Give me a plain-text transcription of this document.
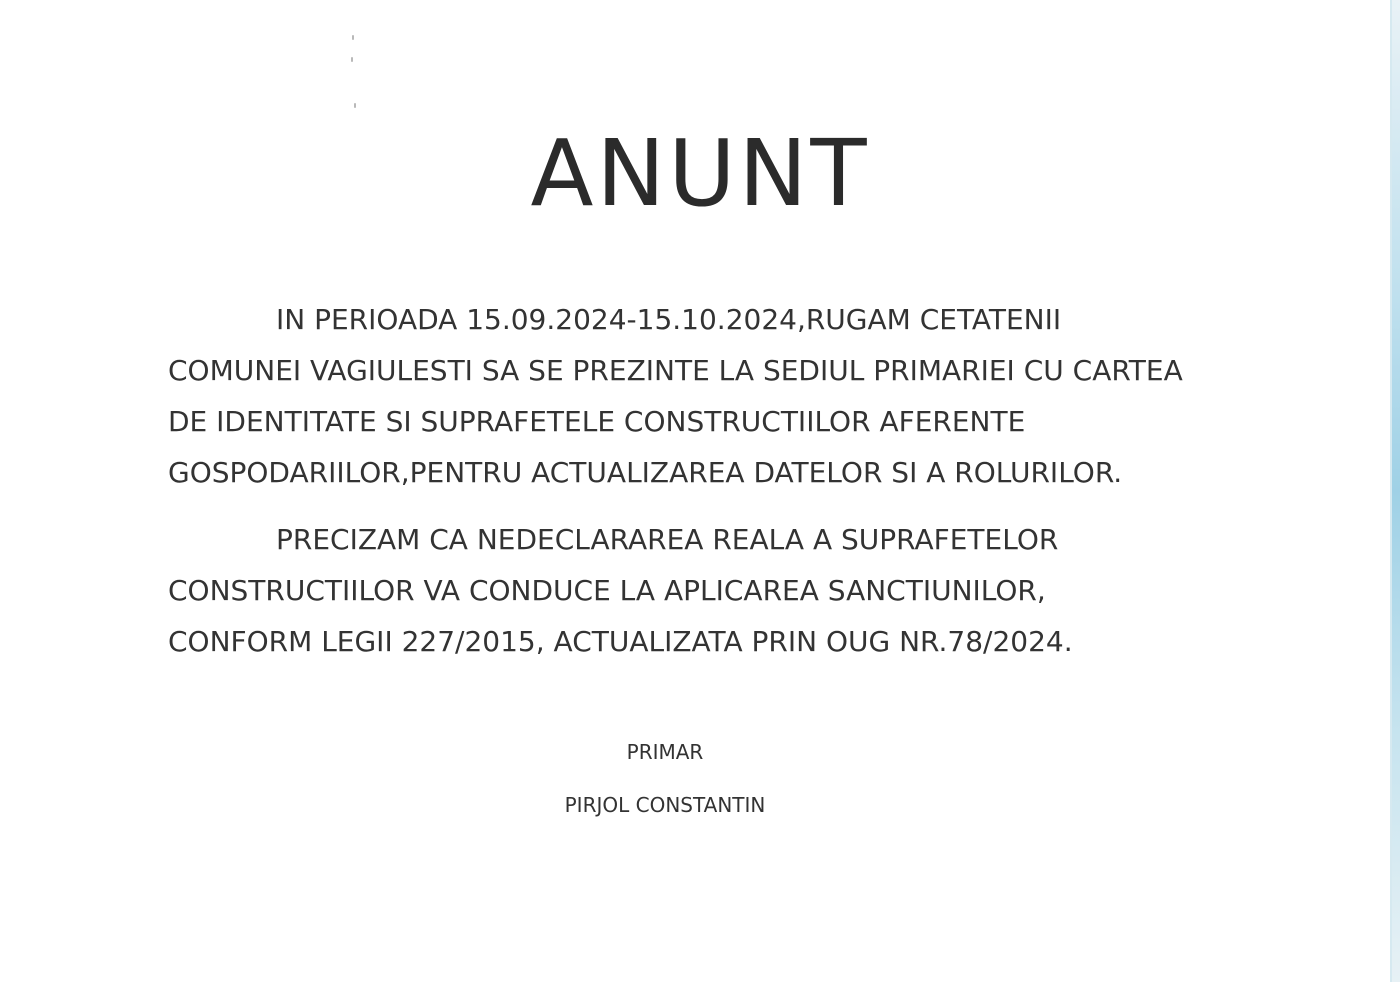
ANUNT
IN PERIOADA 15.09.2024-15.10.2024,RUGAM CETATENII
COMUNEI VAGIULESTI SA SE PREZINTE LA SEDIUL PRIMARIEI CU CARTEA
DE IDENTITATE SI SUPRAFETELE CONSTRUCTIILOR AFERENTE
GOSPODARIILOR,PENTRU ACTUALIZAREA DATELOR SI A ROLURILOR.
PRECIZAM CA NEDECLARAREA REALA A SUPRAFETELOR
CONSTRUCTIILOR VA CONDUCE LA APLICAREA SANCTIUNILOR,
CONFORM LEGII 227/2015, ACTUALIZATA PRIN OUG NR.78/2024.
PRIMAR
PIRJOL CONSTANTIN
